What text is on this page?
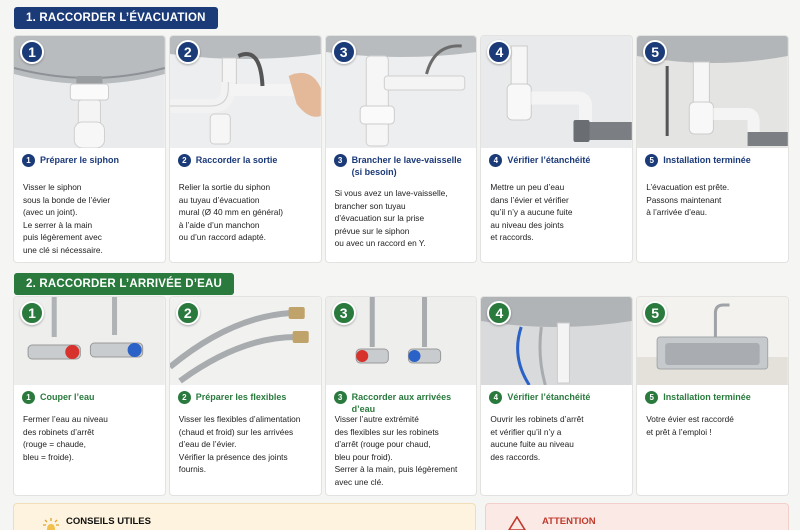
1. RACCORDER L’ÉVACUATION
1
1	Préparer le siphon
Visser le siphon
sous la bonde de l’évier
(avec un joint).
Le serrer à la main
puis légèrement avec
une clé si nécessaire.
2
2	Raccorder la sortie
Relier la sortie du siphon
au tuyau d’évacuation
mural (Ø 40 mm en général)
à l’aide d’un manchon
ou d’un raccord adapté.
3
3	Brancher le lave-vaisselle
(si besoin)
Si vous avez un lave-vaisselle,
brancher son tuyau
d’évacuation sur la prise
prévue sur le siphon
ou avec un raccord en Y.
4
4	Vérifier l’étanchéité
Mettre un peu d’eau
dans l’évier et vérifier
qu’il n’y a aucune fuite
au niveau des joints
et raccords.
5
5	Installation terminée
L’évacuation est prête.
Passons maintenant
à l’arrivée d’eau.
2. RACCORDER L’ARRIVÉE D’EAU
1
1	Couper l’eau
Fermer l’eau au niveau
des robinets d’arrêt
(rouge = chaude,
bleu = froide).
2
2	Préparer les flexibles
Visser les flexibles d’alimentation
(chaud et froid) sur les arrivées
d’eau de l’évier.
Vérifier la présence des joints
fournis.
3
3	Raccorder aux arrivées d’eau
Visser l’autre extrémité
des flexibles sur les robinets
d’arrêt (rouge pour chaud,
bleu pour froid).
Serrer à la main, puis légèrement
avec une clé.
4
4	Vérifier l’étanchéité
Ouvrir les robinets d’arrêt
et vérifier qu’il n’y a
aucune fuite au niveau
des raccords.
5
5	Installation terminée
Votre évier est raccordé
et prêt à l’emploi !
CONSEILS UTILES	ATTENTION
